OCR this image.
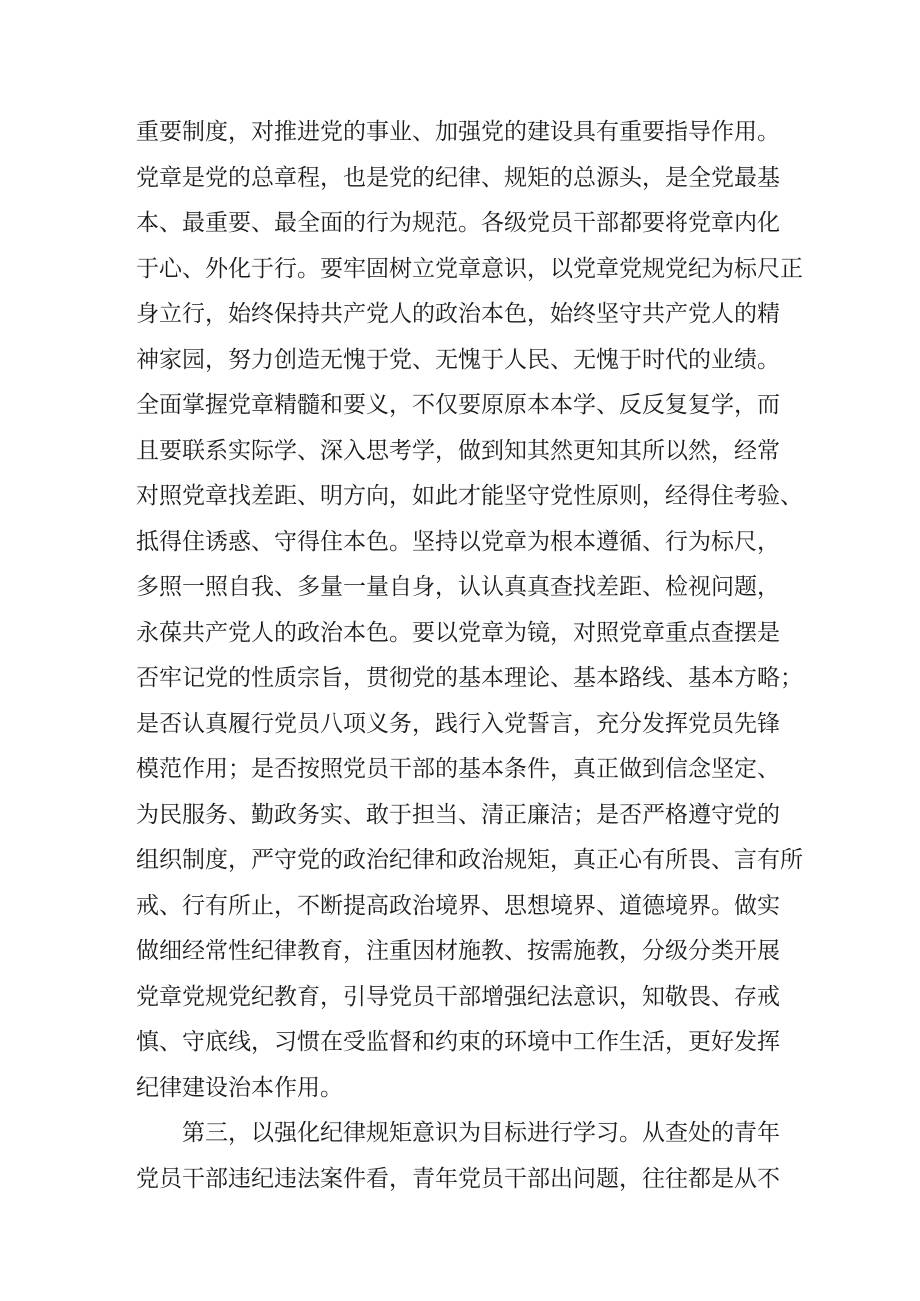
重要制度，对推进党的事业、加强党的建设具有重要指导作用。
党章是党的总章程，也是党的纪律、规矩的总源头，是全党最基
本、最重要、最全面的行为规范。各级党员干部都要将党章内化
于心、外化于行。要牢固树立党章意识，以党章党规党纪为标尺正
身立行，始终保持共产党人的政治本色，始终坚守共产党人的精
神家园，努力创造无愧于党、无愧于人民、无愧于时代的业绩。
全面掌握党章精髓和要义，不仅要原原本本学、反反复复学，而
且要联系实际学、深入思考学，做到知其然更知其所以然，经常
对照党章找差距、明方向，如此才能坚守党性原则，经得住考验、
抵得住诱惑、守得住本色。坚持以党章为根本遵循、行为标尺，
多照一照自我、多量一量自身，认认真真查找差距、检视问题，
永葆共产党人的政治本色。要以党章为镜，对照党章重点查摆是
否牢记党的性质宗旨，贯彻党的基本理论、基本路线、基本方略；
是否认真履行党员八项义务，践行入党誓言，充分发挥党员先锋
模范作用；是否按照党员干部的基本条件，真正做到信念坚定、
为民服务、勤政务实、敢于担当、清正廉洁；是否严格遵守党的
组织制度，严守党的政治纪律和政治规矩，真正心有所畏、言有所
戒、行有所止，不断提高政治境界、思想境界、道德境界。做实
做细经常性纪律教育，注重因材施教、按需施教，分级分类开展
党章党规党纪教育，引导党员干部增强纪法意识，知敬畏、存戒
慎、守底线，习惯在受监督和约束的环境中工作生活，更好发挥
纪律建设治本作用。
第三，以强化纪律规矩意识为目标进行学习。从查处的青年
党员干部违纪违法案件看，青年党员干部出问题，往往都是从不
